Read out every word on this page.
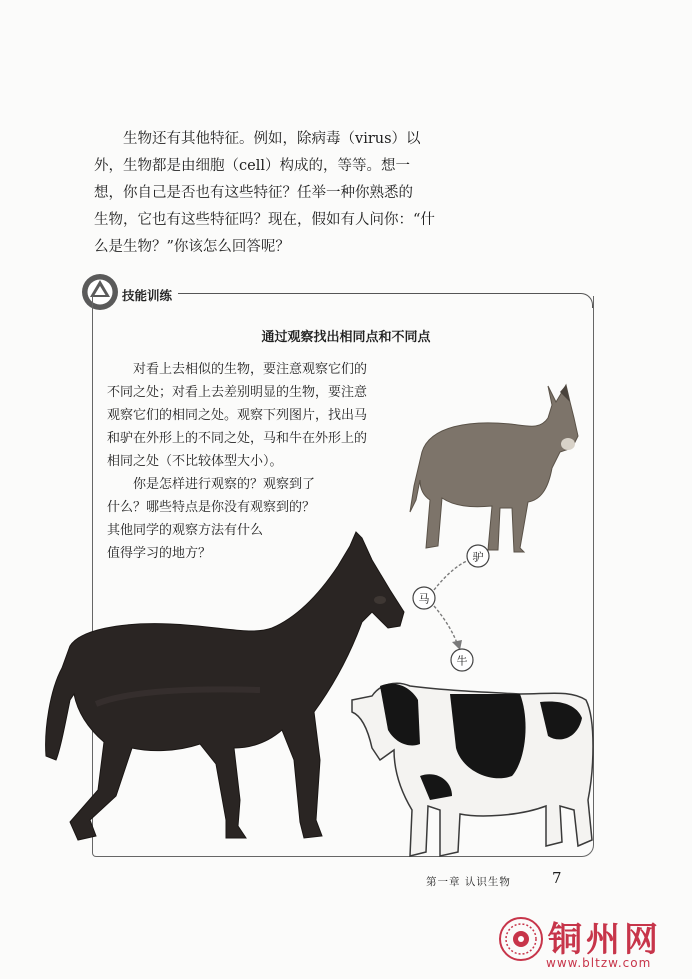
生物还有其他特征。例如，除病毒（virus）以
外，生物都是由细胞（cell）构成的，等等。想一
想，你自己是否也有这些特征？任举一种你熟悉的
生物，它也有这些特征吗？现在，假如有人问你：“什
么是生物？”你该怎么回答呢？

技能训练
通过观察找出相同点和不同点

对看上去相似的生物，要注意观察它们的
不同之处；对看上去差别明显的生物，要注意
观察它们的相同之处。观察下列图片，找出马
和驴在外形上的不同之处，马和牛在外形上的
相同之处（不比较体型大小）。
你是怎样进行观察的？观察到了
什么？哪些特点是你没有观察到的？
其他同学的观察方法有什么
值得学习的地方？	驴
马
牛
第一章 认识生物	7
铜州网
www.bltzw.com
